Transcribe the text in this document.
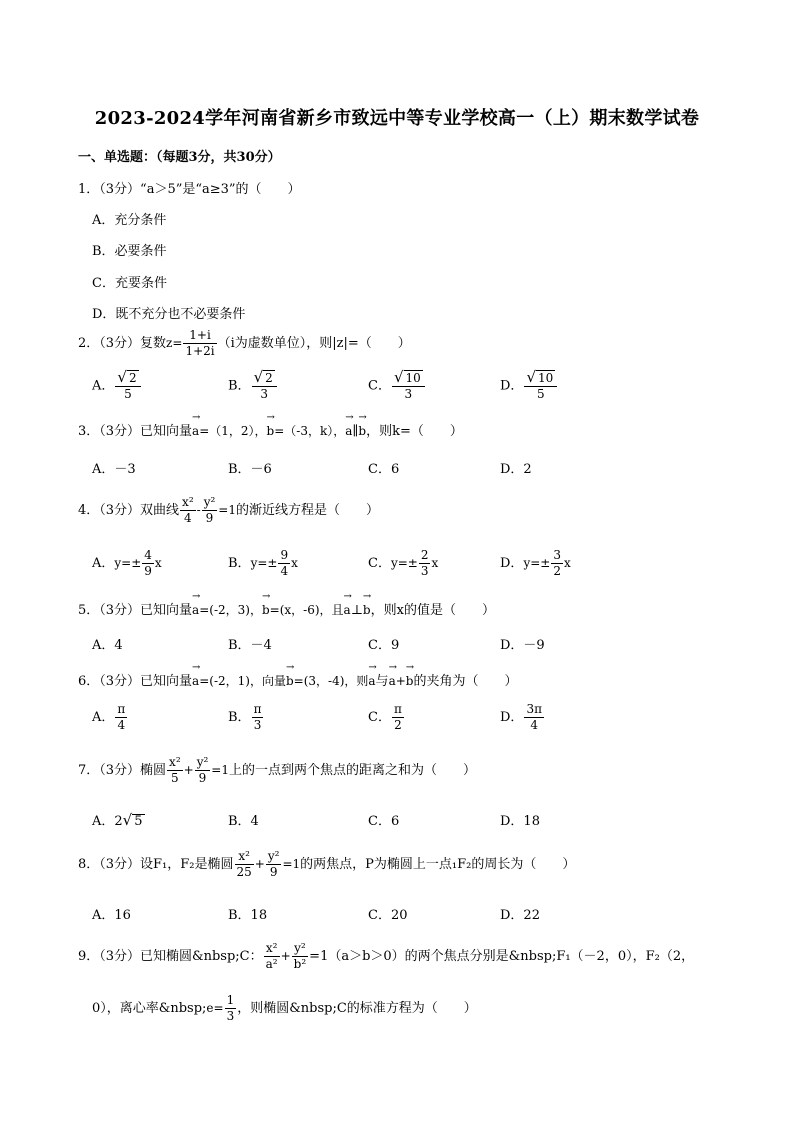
2023-2024学年河南省新乡市致远中等专业学校高一（上）期末数学试卷
一、单选题：（每题3分，共30分）
1．（3分）“a＞5”是“a≥3”的（　　）
A．充分条件
B．必要条件
C．充要条件
D．既不充分也不必要条件
2．（3分）复数$z= \frac{1+i}{1+2i} (i$为虚数单位），则|z|=（　　）
A． $\frac{√ 2}{5}$	B． $\frac{√ 2}{3}$	C． $\frac{√ 10}{3}$	D． $\frac{√ 10}{5}$
3．（3分）已知向量→ a=（1，2），→ b=（-3，k），→ a∥→ b，则k=（　　）
A．－3	B．－6	C．6	D．2
4．（3分）双曲线 $\frac{\text{x²}}{4} - \frac{\text{y²}}{9} =1$的渐近线方程是（　　）
A．$y=\pm \frac{4}{9}$ x	B．$y=\pm \frac{9}{4}$ x	C．$y=\pm \frac{2}{3}$ x	D．$y=\pm \frac{3}{2}$ x
5．（3分）已知向量→ a=(-2，3)，→ b=(x，-6)，且→ a⊥→ b，则x的值是（　　）
A．4	B．－4	C．9	D．－9
6．（3分）已知向量→ a=(-2，1)，向量→ b=(3，-4)，则→ a与→ a+→ b的夹角为（　　）
A． $\frac{\pi}{4}$	B． $\frac{\pi}{3}$	C． $\frac{\pi}{2}$	D． $\frac{3\pi}{4}$
7．（3分）椭圆 $\frac{\text{x²}}{5} + \frac{\text{y²}}{9} =1$上的一点到两个焦点的距离之和为（　　）
A．2√ 5	B．4	C．6	D．18
8．（3分）设F₁，F₂是椭圆 $\frac{\text{x²}}{25} + \frac{\text{y²}}{9} =1$的两焦点，P为椭圆上一点₁F₂的周长为（　　）
A．16	B．18	C．20	D．22
9．（3分）已知椭圆&nbsp;C： $\frac{\text{x²}}{\text{a²}} + \frac{\text{y²}}{\text{b²}} =1(a>b>0)$的两个焦点分别是&nbsp;F₁（－2，0），F₂（2，
0），离心率&nbsp;e= $\frac{1}{3}$ ，则椭圆&nbsp;C的标准方程为（　　）
